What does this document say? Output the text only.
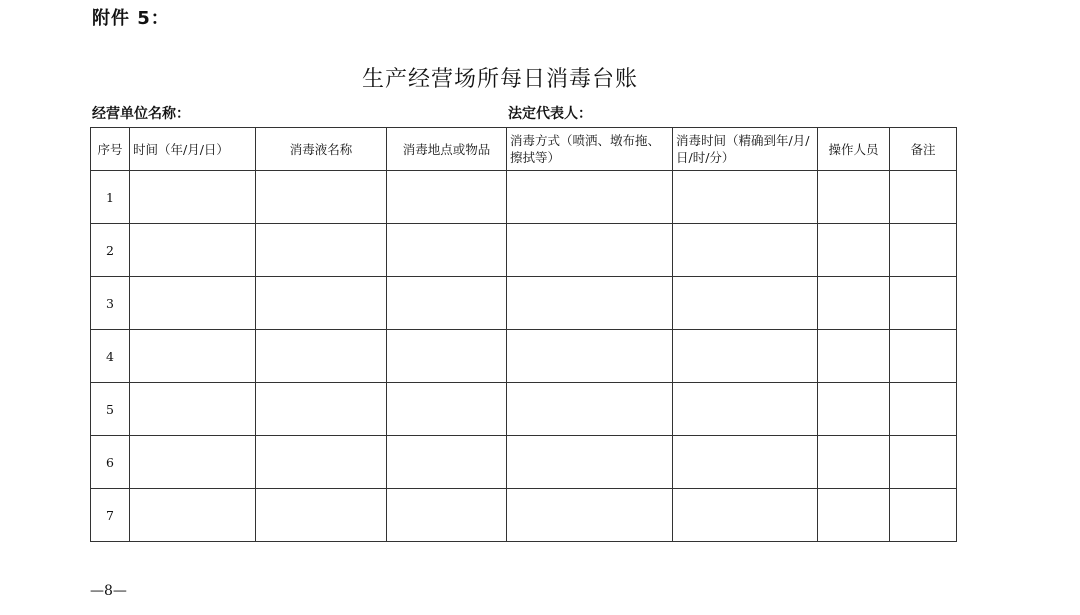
附件 5：
生产经营场所每日消毒台账
经营单位名称：	法定代表人：
序号	时间（年/月/日）	消毒液名称	消毒地点或物品	消毒方式（喷洒、墩布拖、擦拭等）	消毒时间（精确到年/月/日/时/分）	操作人员	备注
1							
2							
3							
4							
5							
6							
7							
—8—
